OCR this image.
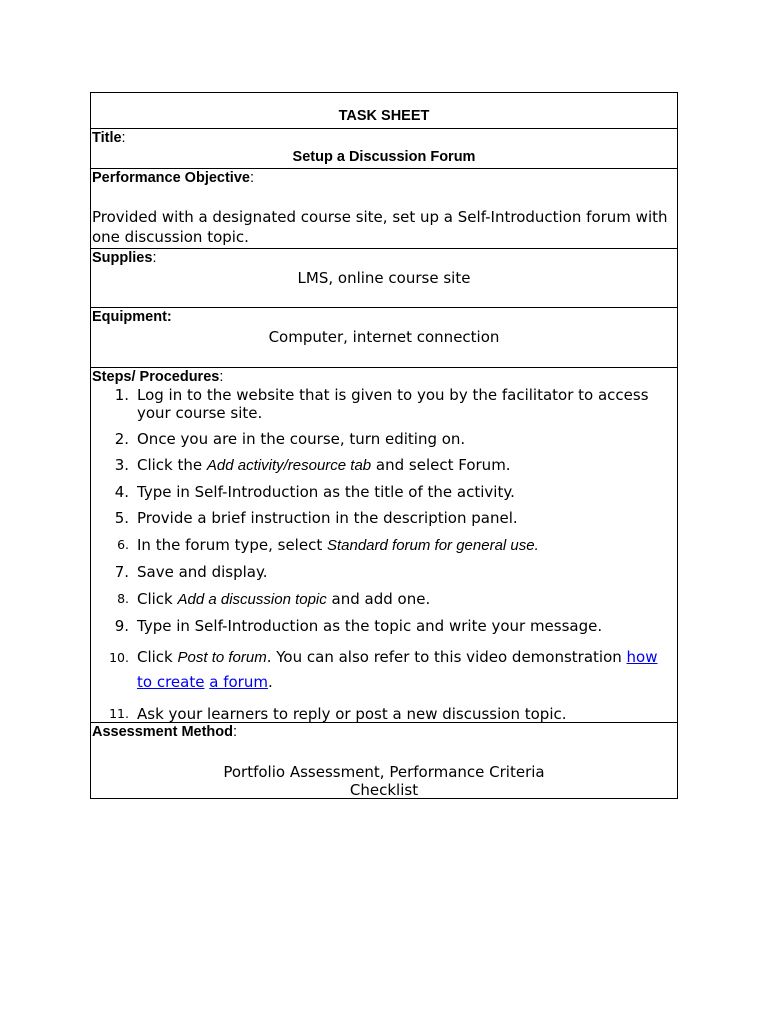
TASK SHEET
Title:
Setup a Discussion Forum
Performance Objective:
Provided with a designated course site, set up a Self-Introduction forum with one discussion topic.
Supplies:
LMS, online course site
Equipment:
Computer, internet connection
Steps/ Procedures:
1. Log in to the website that is given to you by the facilitator to access your course site.
2. Once you are in the course, turn editing on.
3. Click the Add activity/resource tab and select Forum.
4. Type in Self-Introduction as the title of the activity.
5. Provide a brief instruction in the description panel.
6. In the forum type, select Standard forum for general use.
7. Save and display.
8. Click Add a discussion topic and add one.
9. Type in Self-Introduction as the topic and write your message.
10. Click Post to forum. You can also refer to this video demonstration how to create a forum.
11. Ask your learners to reply or post a new discussion topic.
Assessment Method:
Portfolio Assessment, Performance Criteria
Checklist
